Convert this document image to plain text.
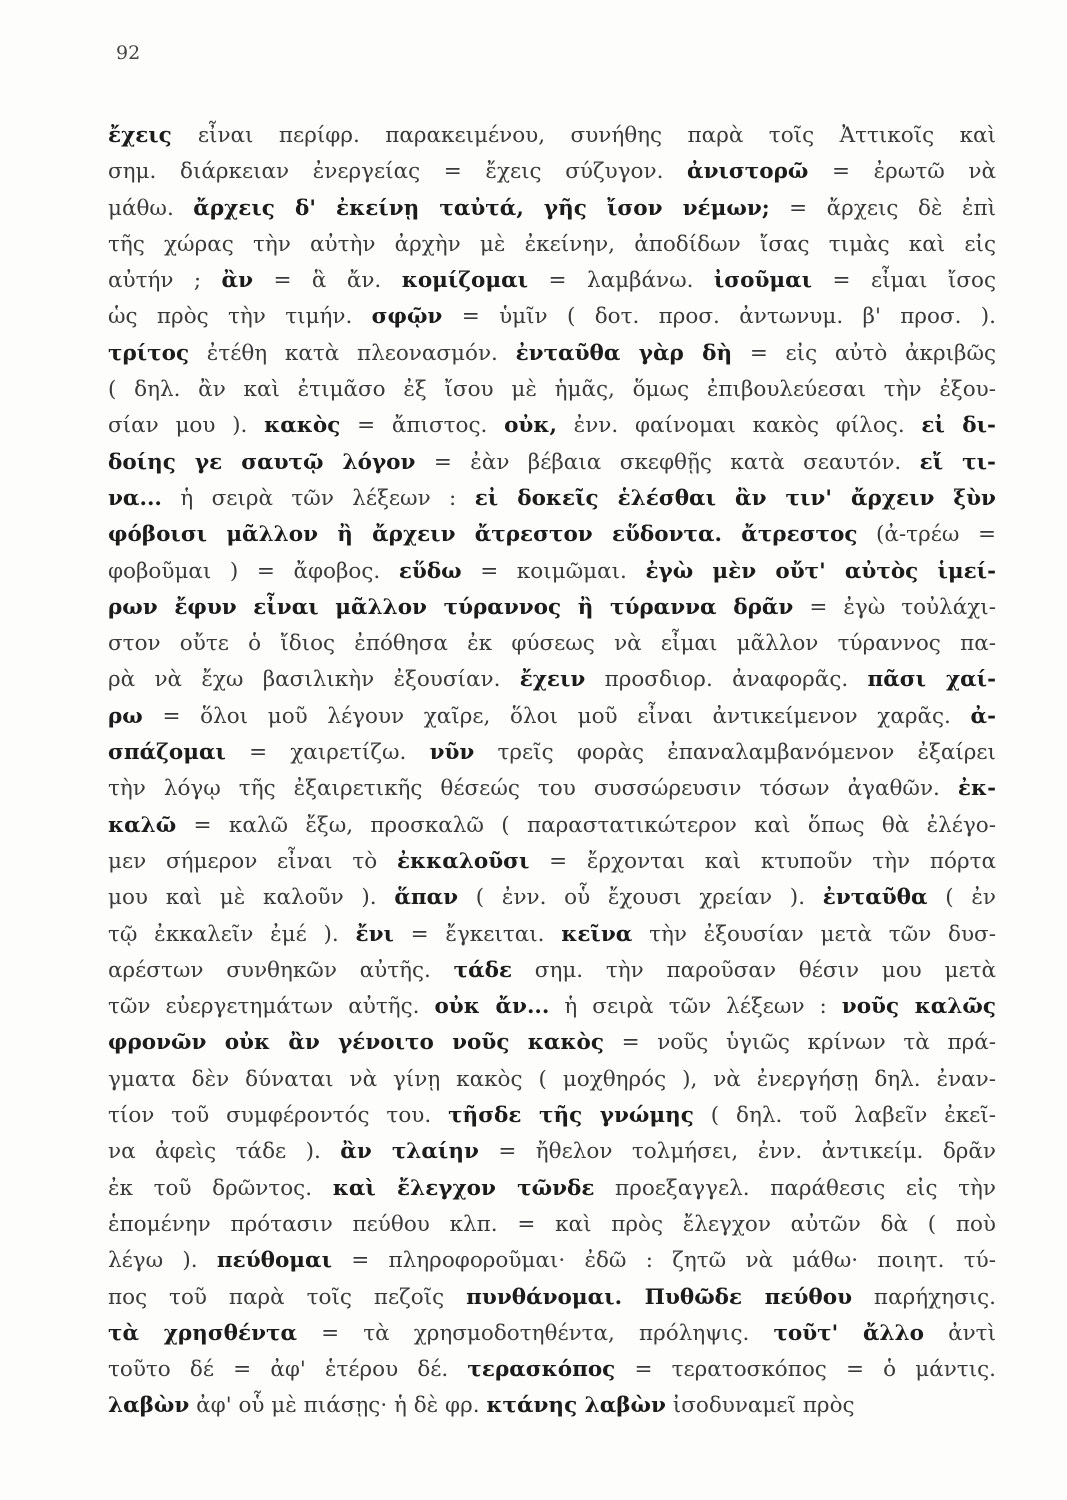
92
ἔχεις εἶναι περίφρ. παρακειμένου, συνήθης παρὰ τοῖς Ἀττικοῖς καὶ
σημ. διάρκειαν ἐνεργείας = ἔχεις σύζυγον. ἀνιστορῶ = ἐρωτῶ νὰ
μάθω. ἄρχεις δ' ἐκείνῃ ταὐτά, γῆς ἴσον νέμων; = ἄρχεις δὲ ἐπὶ
τῆς χώρας τὴν αὐτὴν ἀρχὴν μὲ ἐκείνην, ἀποδίδων ἴσας τιμὰς καὶ εἰς
αὐτήν ; ἂν = ἃ ἄν. κομίζομαι = λαμβάνω. ἰσοῦμαι = εἶμαι ἴσος
ὡς πρὸς τὴν τιμήν. σφῷν = ὑμῖν ( δοτ. προσ. ἀντωνυμ. β' προσ. ).
τρίτος ἐτέθη κατὰ πλεονασμόν. ἐνταῦθα γὰρ δὴ = εἰς αὐτὸ ἀκριβῶς
( δηλ. ἂν καὶ ἐτιμᾶσο ἐξ ἴσου μὲ ἡμᾶς, ὅμως ἐπιβουλεύεσαι τὴν ἐξου-
σίαν μου ). κακὸς = ἄπιστος. οὐκ, ἐνν. φαίνομαι κακὸς φίλος. εἰ δι-
δοίης γε σαυτῷ λόγον = ἐὰν βέβαια σκεφθῇς κατὰ σεαυτόν. εἴ τι-
να... ἡ σειρὰ τῶν λέξεων : εἰ δοκεῖς ἑλέσθαι ἂν τιν' ἄρχειν ξὺν
φόβοισι μᾶλλον ἢ ἄρχειν ἄτρεστον εὕδοντα. ἄτρεστος (ἀ-τρέω =
φοβοῦμαι ) = ἄφοβος. εὕδω = κοιμῶμαι. ἐγὼ μὲν οὔτ' αὐτὸς ἱμεί-
ρων ἔφυν εἶναι μᾶλλον τύραννος ἢ τύραννα δρᾶν = ἐγὼ τοὐλάχι-
στον οὔτε ὁ ἴδιος ἐπόθησα ἐκ φύσεως νὰ εἶμαι μᾶλλον τύραννος πα-
ρὰ νὰ ἔχω βασιλικὴν ἐξουσίαν. ἔχειν προσδιορ. ἀναφορᾶς. πᾶσι χαί-
ρω = ὅλοι μοῦ λέγουν χαῖρε, ὅλοι μοῦ εἶναι ἀντικείμενον χαρᾶς. ἀ-
σπάζομαι = χαιρετίζω. νῦν τρεῖς φορὰς ἐπαναλαμβανόμενον ἐξαίρει
τὴν λόγῳ τῆς ἐξαιρετικῆς θέσεώς του συσσώρευσιν τόσων ἀγαθῶν. ἐκ-
καλῶ = καλῶ ἔξω, προσκαλῶ ( παραστατικώτερον καὶ ὅπως θὰ ἐλέγο-
μεν σήμερον εἶναι τὸ ἐκκαλοῦσι = ἔρχονται καὶ κτυποῦν τὴν πόρτα
μου καὶ μὲ καλοῦν ). ἅπαν ( ἐνν. οὗ ἔχουσι χρείαν ). ἐνταῦθα ( ἐν
τῷ ἐκκαλεῖν ἐμέ ). ἔνι = ἔγκειται. κεῖνα τὴν ἐξουσίαν μετὰ τῶν δυσ-
αρέστων συνθηκῶν αὐτῆς. τάδε σημ. τὴν παροῦσαν θέσιν μου μετὰ
τῶν εὐεργετημάτων αὐτῆς. οὐκ ἄν... ἡ σειρὰ τῶν λέξεων : νοῦς καλῶς
φρονῶν οὐκ ἂν γένοιτο νοῦς κακὸς = νοῦς ὑγιῶς κρίνων τὰ πρά-
γματα δὲν δύναται νὰ γίνῃ κακὸς ( μοχθηρός ), νὰ ἐνεργήσῃ δηλ. ἐναν-
τίον τοῦ συμφέροντός του. τῆσδε τῆς γνώμης ( δηλ. τοῦ λαβεῖν ἐκεῖ-
να ἀφεὶς τάδε ). ἂν τλαίην = ἤθελον τολμήσει, ἐνν. ἀντικείμ. δρᾶν
ἐκ τοῦ δρῶντος. καὶ ἔλεγχον τῶνδε προεξαγγελ. παράθεσις εἰς τὴν
ἑπομένην πρότασιν πεύθου κλπ. = καὶ πρὸς ἔλεγχον αὐτῶν δὰ ( ποὺ
λέγω ). πεύθομαι = πληροφοροῦμαι· ἐδῶ : ζητῶ νὰ μάθω· ποιητ. τύ-
πος τοῦ παρὰ τοῖς πεζοῖς πυνθάνομαι. Πυθῶδε πεύθου παρήχησις.
τὰ χρησθέντα = τὰ χρησμοδοτηθέντα, πρόληψις. τοῦτ' ἄλλο ἀντὶ
τοῦτο δέ = ἀφ' ἑτέρου δέ. τερασκόπος = τερατοσκόπος = ὁ μάντις.
λαβὼν ἀφ' οὗ μὲ πιάσῃς· ἡ δὲ φρ. κτάνης λαβὼν ἰσοδυναμεῖ πρὸς
